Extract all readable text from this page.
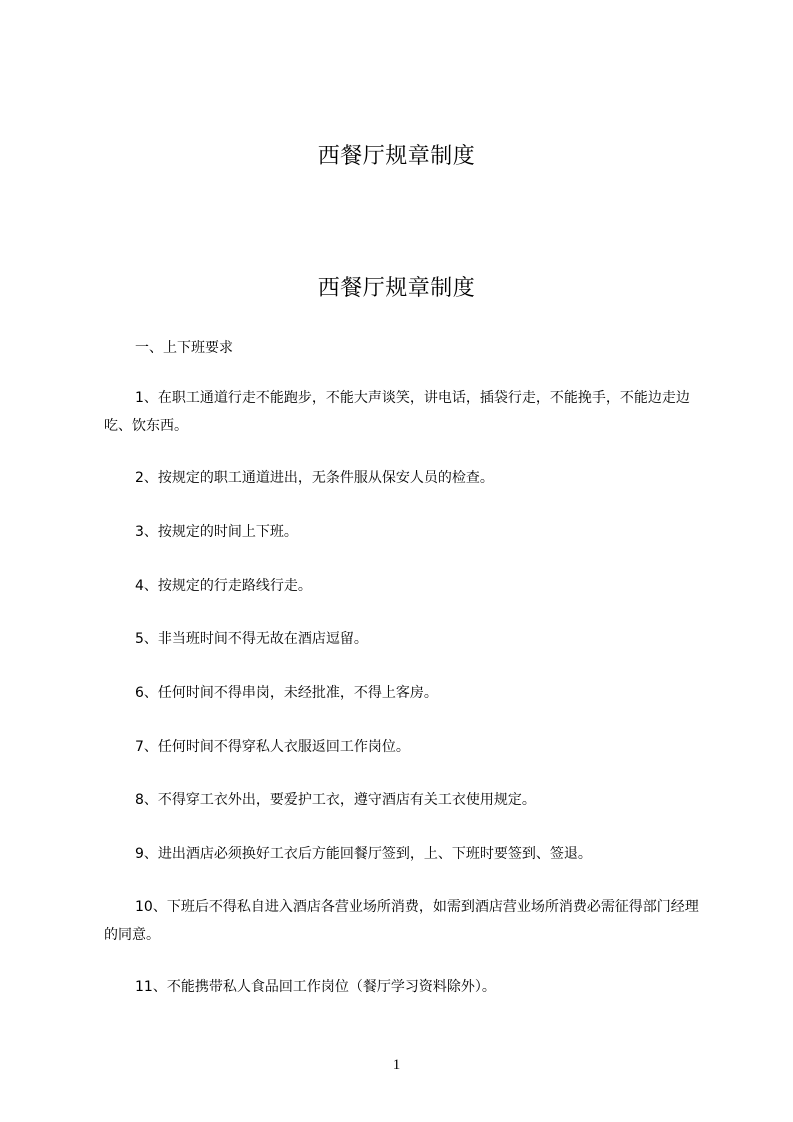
西餐厅规章制度
西餐厅规章制度
一、上下班要求
1、在职工通道行走不能跑步，不能大声谈笑，讲电话，插袋行走，不能挽手，不能边走边吃、饮东西。
2、按规定的职工通道进出，无条件服从保安人员的检查。
3、按规定的时间上下班。
4、按规定的行走路线行走。
5、非当班时间不得无故在酒店逗留。
6、任何时间不得串岗，未经批准，不得上客房。
7、任何时间不得穿私人衣服返回工作岗位。
8、不得穿工衣外出，要爱护工衣，遵守酒店有关工衣使用规定。
9、进出酒店必须换好工衣后方能回餐厅签到，上、下班时要签到、签退。
10、下班后不得私自进入酒店各营业场所消费，如需到酒店营业场所消费必需征得部门经理的同意。
11、不能携带私人食品回工作岗位（餐厅学习资料除外）。
1
